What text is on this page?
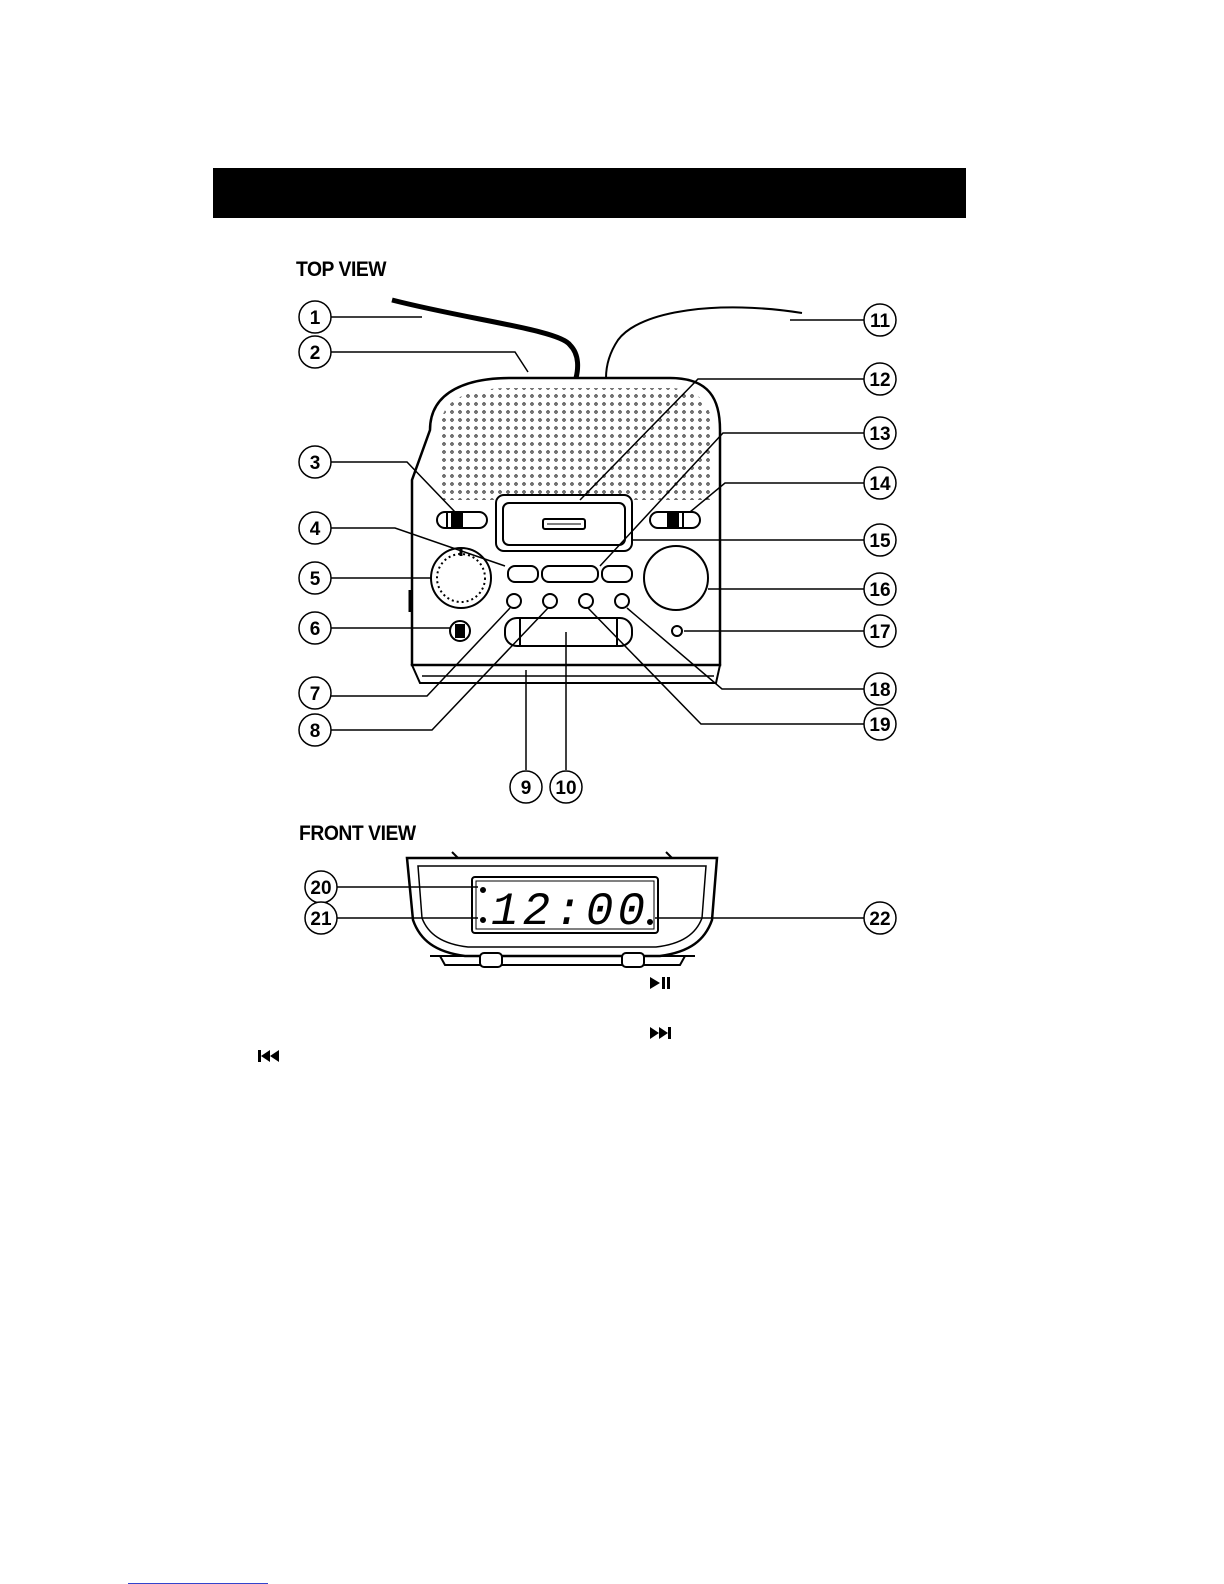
TOP VIEW
FRONT VIEW
1
2
3
4
5
6
7
8
9 10
11
12
13
14
15
16
17
18
19
12:00
20
21	22
